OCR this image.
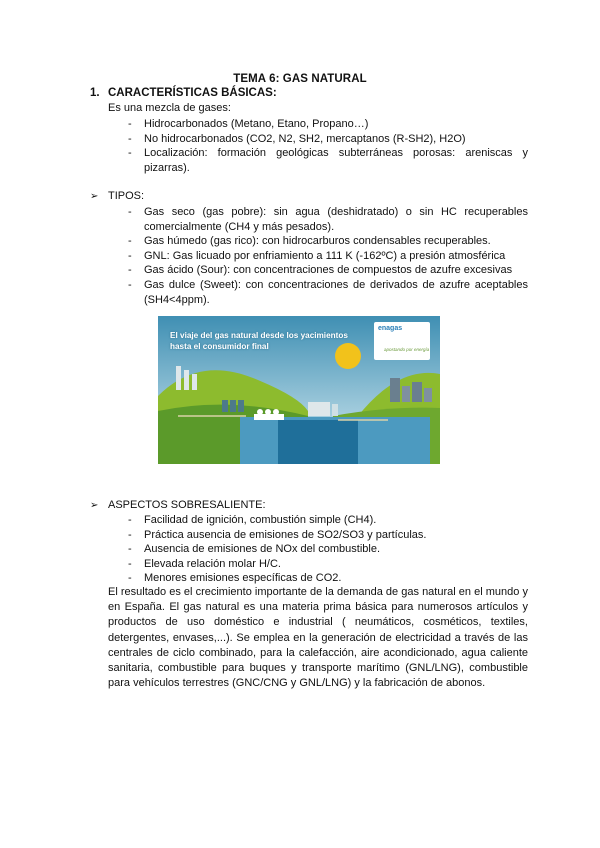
TEMA 6: GAS NATURAL
1. CARACTERÍSTICAS BÁSICAS:
Es una mezcla de gases:
- Hidrocarbonados (Metano, Etano, Propano…)
- No hidrocarbonados (CO2, N2, SH2, mercaptanos (R-SH2), H2O)
- Localización: formación geológicas subterráneas porosas: areniscas y pizarras).
➢ TIPOS:
- Gas seco (gas pobre): sin agua (deshidratado) o sin HC recuperables comercialmente (CH4 y más pesados).
- Gas húmedo (gas rico): con hidrocarburos condensables recuperables.
- GNL: Gas licuado por enfriamiento a 111 K (-162ºC) a presión atmosférica
- Gas ácido (Sour): con concentraciones de compuestos de azufre excesivas
- Gas dulce (Sweet): con concentraciones de derivados de azufre aceptables (SH4<4ppm).
El viaje del gas natural desde los yacimientos hasta el consumidor final
enagas
apostando por energía
➢ ASPECTOS SOBRESALIENTE:
- Facilidad de ignición, combustión simple (CH4).
- Práctica ausencia de emisiones de SO2/SO3 y partículas.
- Ausencia de emisiones de NOx del combustible.
- Elevada relación molar H/C.
- Menores emisiones específicas de CO2.
El resultado es el crecimiento importante de la demanda de gas natural en el mundo y en España. El gas natural es una materia prima básica para numerosos artículos y productos de uso doméstico e industrial ( neumáticos, cosméticos, textiles, detergentes, envases,...). Se emplea en la generación de electricidad a través de las centrales de ciclo combinado, para la calefacción, aire acondicionado, agua caliente sanitaria, combustible para buques y transporte marítimo (GNL/LNG), combustible para vehículos terrestres (GNC/CNG y GNL/LNG) y la fabricación de abonos.
